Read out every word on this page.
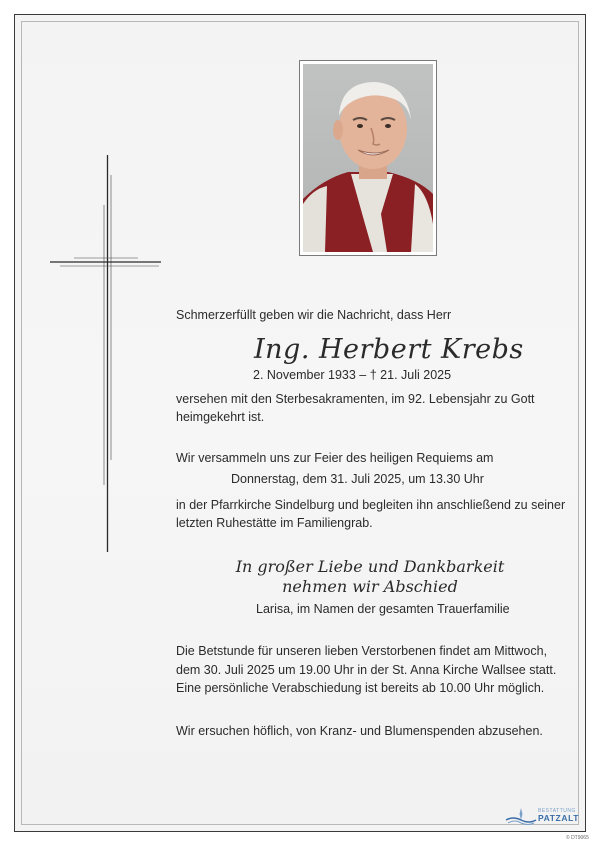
Schmerzerfüllt geben wir die Nachricht, dass Herr
Ing. Herbert Krebs
2. November 1933 – † 21. Juli 2025
versehen mit den Sterbesakramenten, im 92. Lebensjahr zu Gott
heimgekehrt ist.
Wir versammeln uns zur Feier des heiligen Requiems am
Donnerstag, dem 31. Juli 2025, um 13.30 Uhr
in der Pfarrkirche Sindelburg und begleiten ihn anschließend zu seiner
letzten Ruhestätte im Familiengrab.
In großer Liebe und Dankbarkeit
nehmen wir Abschied
Larisa, im Namen der gesamten Trauerfamilie
Die Betstunde für unseren lieben Verstorbenen findet am Mittwoch,
dem 30. Juli 2025 um 19.00 Uhr in der St. Anna Kirche Wallsee statt.
Eine persönliche Verabschiedung ist bereits ab 10.00 Uhr möglich.
Wir ersuchen höflich, von Kranz- und Blumenspenden abzusehen.
BESTATTUNG
PATZALT
© DT9065
